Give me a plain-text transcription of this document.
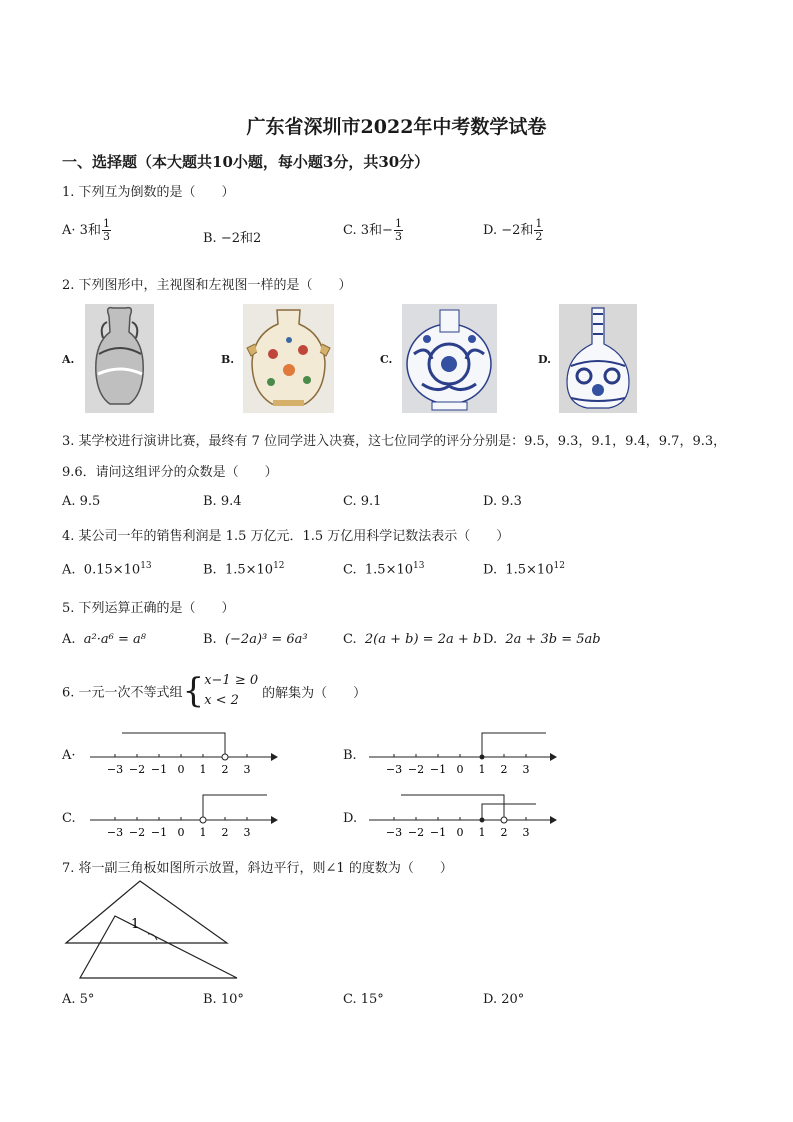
广东省深圳市2022年中考数学试卷
一、选择题（本大题共10小题，每小题3分，共30分）
1. 下列互为倒数的是（　　）
A· 3和 $\frac{1}{3}$	B. −2和2
C. 3和− $\frac{1}{3}$	D. −2和 $\frac{1}{2}$
2. 下列图形中，主视图和左视图一样的是（　　）
A.	B.	C.	D.
3. 某学校进行演讲比赛，最终有 7 位同学进入决赛，这七位同学的评分分别是：9.5，9.3，9.1，9.4，9.7，9.3，
9.6．请问这组评分的众数是（　　）
A. 9.5	B. 9.4	C. 9.1	D. 9.3
4. 某公司一年的销售利润是 1.5 万亿元．1.5 万亿用科学记数法表示（　　）
A. $0.15\times 10^{13}$	B. $1.5\times 10^{12}$	C. $1.5\times 10^{13}$	D. $1.5\times 10^{12}$
5. 下列运算正确的是（　　）
A. a²·a⁶ = a⁸	B. (−2a)³ = 6a³	C. 2(a + b) = 2a + b D. 2a + 3b = 5ab
6. 一元一次不等式组{ x−1 ≥ 0
x < 2	的解集为（　　）
A·
−3 −2 −1 0 1 2 3
B.
−3 −2 −1 0 1 2 3
C.
−3 −2 −1 0 1 2 3
D.
−3 −2 −1 0 1 2 3
7. 将一副三角板如图所示放置，斜边平行，则∠1 的度数为（　　）
1
A. 5°	B. 10°	C. 15°	D. 20°
